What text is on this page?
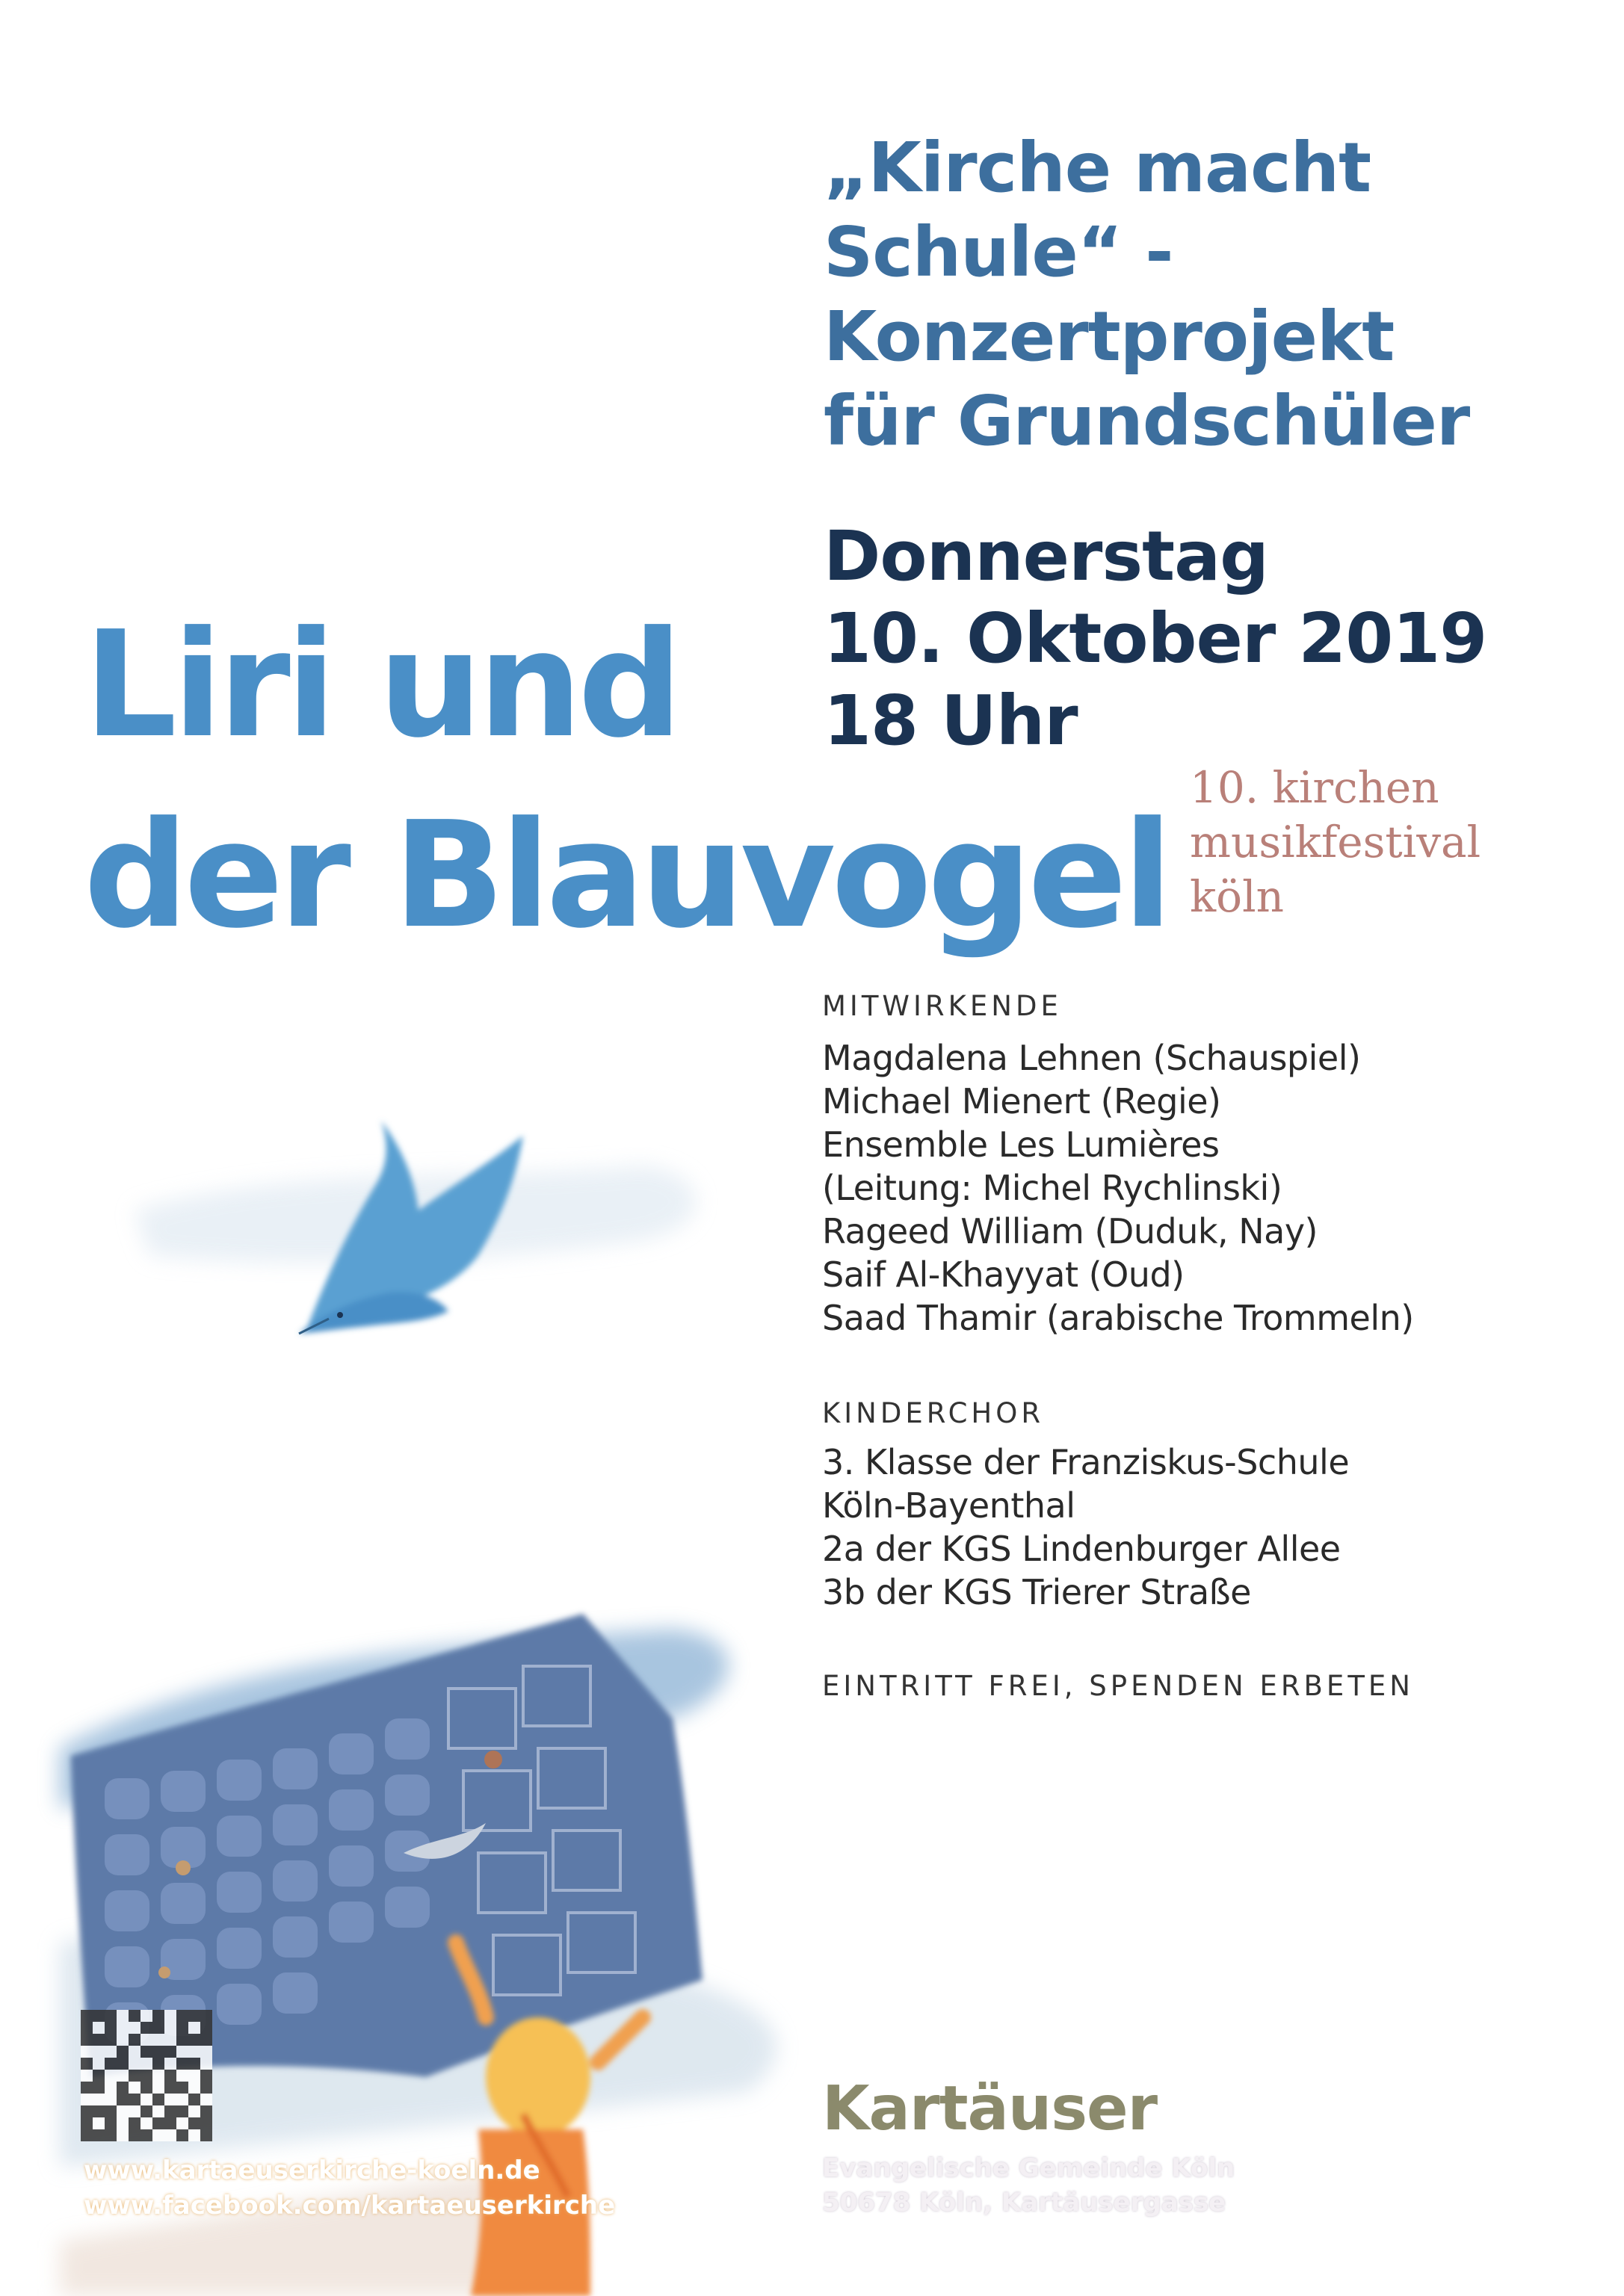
„Kirche macht
Schule“ -
Konzertprojekt
für Grundschüler
Donnerstag
10. Oktober 2019
18 Uhr
Liri und
der Blauvogel
10. kirchen
musikfestival
köln
MITWIRKENDE
Magdalena Lehnen (Schauspiel)
Michael Mienert (Regie)
Ensemble Les Lumières
(Leitung: Michel Rychlinski)
Rageed William (Duduk, Nay)
Saif Al-Khayyat (Oud)
Saad Thamir (arabische Trommeln)
KINDERCHOR
3. Klasse der Franziskus-Schule
Köln-Bayenthal
2a der KGS Lindenburger Allee
3b der KGS Trierer Straße
EINTRITT FREI, SPENDEN ERBETEN
www.kartaeuserkirche-koeln.de
www.facebook.com/kartaeuserkirche
Kartäuser
Evangelische Gemeinde Köln
50678 Köln, Kartäusergasse
